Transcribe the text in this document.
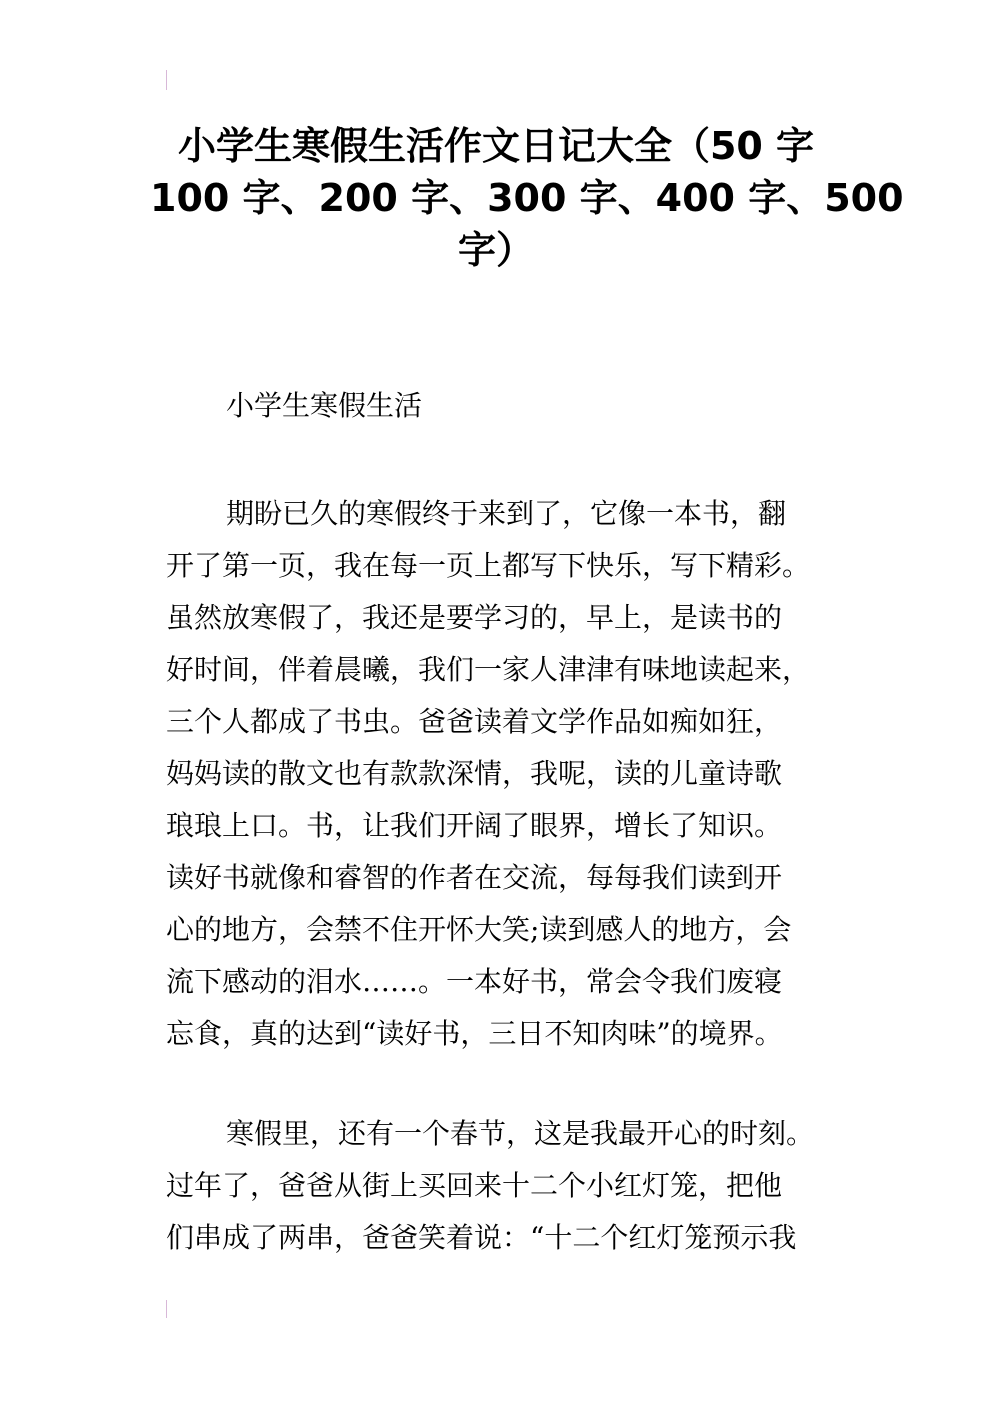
小学生寒假生活作文日记大全（50 字
100 字、200 字、300 字、400 字、500
字）
小学生寒假生活
期盼已久的寒假终于来到了，它像一本书，翻
开了第一页，我在每一页上都写下快乐，写下精彩。
虽然放寒假了，我还是要学习的，早上，是读书的
好时间，伴着晨曦，我们一家人津津有味地读起来，
三个人都成了书虫。爸爸读着文学作品如痴如狂，
妈妈读的散文也有款款深情，我呢，读的儿童诗歌
琅琅上口。书，让我们开阔了眼界，增长了知识。
读好书就像和睿智的作者在交流，每每我们读到开
心的地方，会禁不住开怀大笑;读到感人的地方，会
流下感动的泪水……。一本好书，常会令我们废寝
忘食，真的达到“读好书，三日不知肉味”的境界。
寒假里，还有一个春节，这是我最开心的时刻。
过年了，爸爸从街上买回来十二个小红灯笼，把他
们串成了两串，爸爸笑着说：“十二个红灯笼预示我
